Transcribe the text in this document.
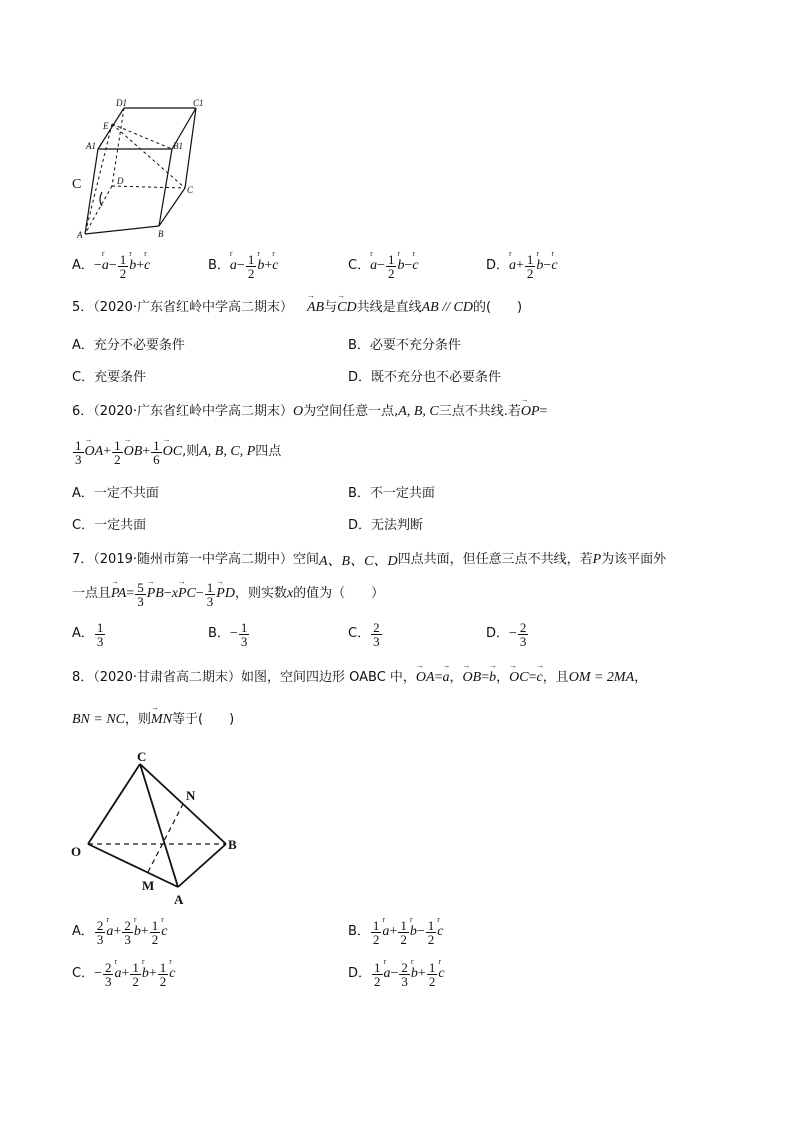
D1	C1
E
A1	B1
C	D
C
A	B
A． −
r
$a - \frac{1}{2}$ r
b +
r
c	B．
r
$a - \frac{1}{2}$ r
b +
r
c	C．
r
$a - \frac{1}{2}$ r
b −
r
c	D．
r
$a + \frac{1}{2}$ r
b −
r
c
5．（2020·广东省红岭中学高二期末）
→
AB 与
→
CD 共线是直线 AB // CD 的(　　)
A．充分不必要条件	B．必要不充分条件
C．充要条件	D．既不充分也不必要条件
6．（2020·广东省红岭中学高二期末） O 为空间任意一点, A, B, C 三点不共线.若
→
OP =
$\frac{1}{3}$ →
OA + $\frac{1}{2}$ →
OB + $\frac{1}{6}$ →
OC ,则 A, B, C, P 四点
A．一定不共面	B．不一定共面
C．一定共面	D．无法判断
7．（2019·随州市第一中学高二期中）空间 A、B、C、D 四点共面，但任意三点不共线，若 P 为该平面外
一点且
→
PA = $\frac{5}{3}$ →
PB − x
→
PC − $\frac{1}{3}$ →
PD ，则实数 x 的值为（　　）
A． $\frac{1}{3}$	B． − $\frac{1}{3}$	C． $\frac{2}{3}$	D． − $\frac{2}{3}$
8．（2020·甘肃省高二期末）如图，空间四边形 OABC 中，
→
OA =
→
a ，
→
OB =
→
b ，
→
OC =
→
c ，且 OM = 2MA ，
BN = NC ，则
→
MN 等于(　　)
C
N
O	B
M
A
A． $\frac{2}{3}$ r
$a + \frac{2}{3}$ r
$b + \frac{1}{2}$ r
c	B． $\frac{1}{2}$ r
$a + \frac{1}{2}$ r
$b - \frac{1}{2}$ r
c
C． − $\frac{2}{3}$ r
$a + \frac{1}{2}$ r
$b + \frac{1}{2}$ r
c	D． $\frac{1}{2}$ r
$a - \frac{2}{3}$ r
$b + \frac{1}{2}$ r
c
